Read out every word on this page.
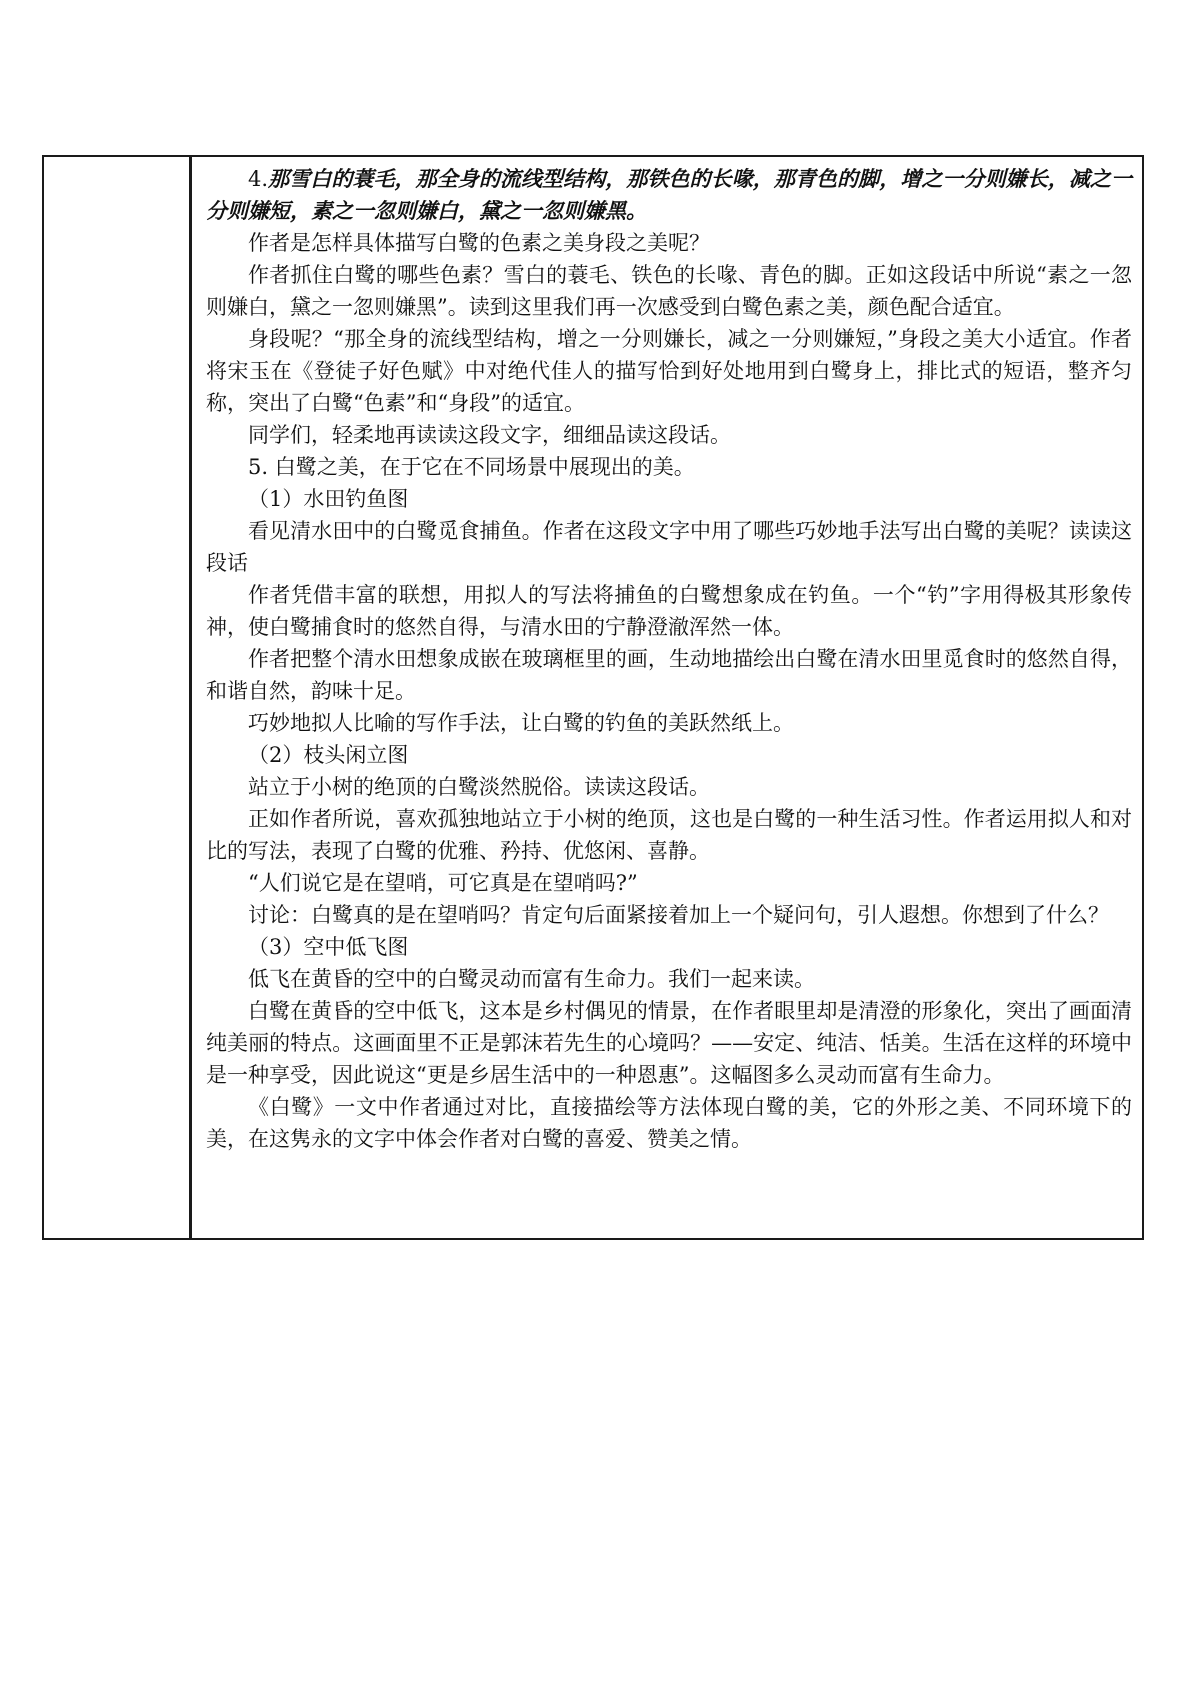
4.那雪白的蓑毛，那全身的流线型结构，那铁色的长喙，那青色的脚，增之一分则嫌长，减之一分则嫌短，素之一忽则嫌白，黛之一忽则嫌黑。

作者是怎样具体描写白鹭的色素之美身段之美呢？

作者抓住白鹭的哪些色素？雪白的蓑毛、铁色的长喙、青色的脚。正如这段话中所说“素之一忽则嫌白，黛之一忽则嫌黑”。读到这里我们再一次感受到白鹭色素之美，颜色配合适宜。

身段呢？“那全身的流线型结构，增之一分则嫌长，减之一分则嫌短，”身段之美大小适宜。作者将宋玉在《登徒子好色赋》中对绝代佳人的描写恰到好处地用到白鹭身上，排比式的短语，整齐匀称，突出了白鹭“色素”和“身段”的适宜。

同学们，轻柔地再读读这段文字，细细品读这段话。

5. 白鹭之美，在于它在不同场景中展现出的美。

（1）水田钓鱼图

看见清水田中的白鹭觅食捕鱼。作者在这段文字中用了哪些巧妙地手法写出白鹭的美呢？读读这段话

作者凭借丰富的联想，用拟人的写法将捕鱼的白鹭想象成在钓鱼。一个“钓”字用得极其形象传神，使白鹭捕食时的悠然自得，与清水田的宁静澄澈浑然一体。

作者把整个清水田想象成嵌在玻璃框里的画，生动地描绘出白鹭在清水田里觅食时的悠然自得，和谐自然，韵味十足。

巧妙地拟人比喻的写作手法，让白鹭的钓鱼的美跃然纸上。

（2）枝头闲立图

站立于小树的绝顶的白鹭淡然脱俗。读读这段话。

正如作者所说，喜欢孤独地站立于小树的绝顶，这也是白鹭的一种生活习性。作者运用拟人和对比的写法，表现了白鹭的优雅、矜持、优悠闲、喜静。

“人们说它是在望哨，可它真是在望哨吗?”

讨论：白鹭真的是在望哨吗？肯定句后面紧接着加上一个疑问句，引人遐想。你想到了什么？

（3）空中低飞图

低飞在黄昏的空中的白鹭灵动而富有生命力。我们一起来读。

白鹭在黄昏的空中低飞，这本是乡村偶见的情景，在作者眼里却是清澄的形象化，突出了画面清纯美丽的特点。这画面里不正是郭沫若先生的心境吗？——安定、纯洁、恬美。生活在这样的环境中是一种享受，因此说这“更是乡居生活中的一种恩惠”。这幅图多么灵动而富有生命力。

《白鹭》一文中作者通过对比，直接描绘等方法体现白鹭的美，它的外形之美、不同环境下的美，在这隽永的文字中体会作者对白鹭的喜爱、赞美之情。
